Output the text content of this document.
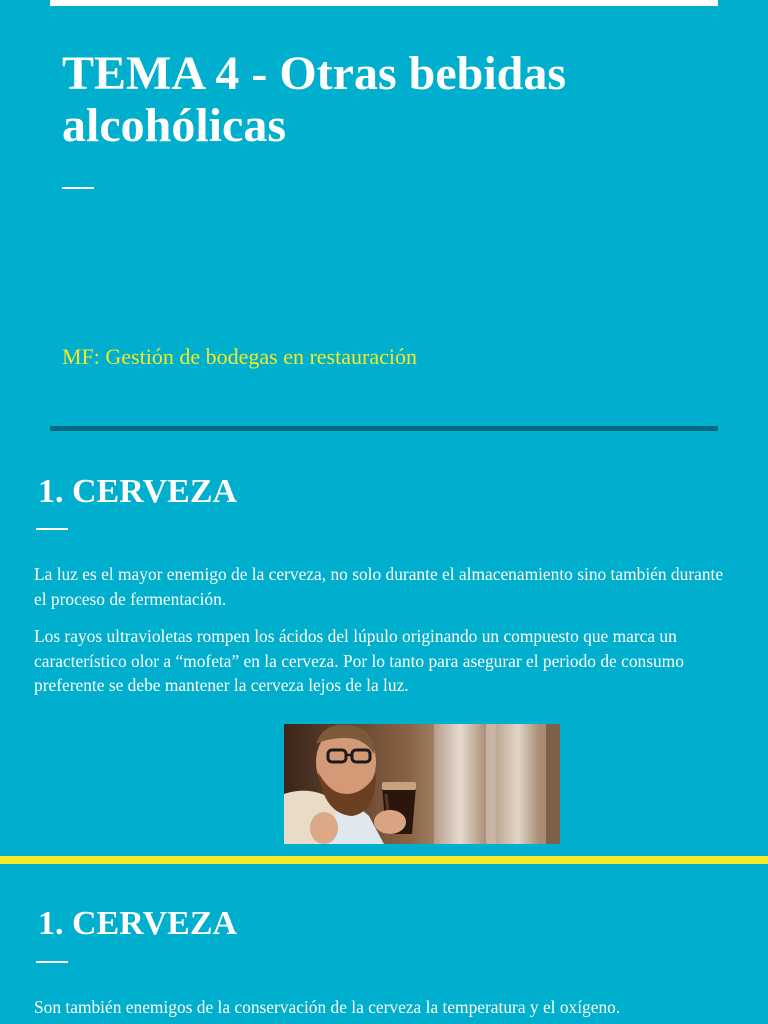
TEMA 4 - Otras bebidas
alcohólicas

MF: Gestión de bodegas en restauración

1. CERVEZA

La luz es el mayor enemigo de la cerveza, no solo durante el almacenamiento sino también durante el proceso de fermentación.

Los rayos ultravioletas rompen los ácidos del lúpulo originando un compuesto que marca un característico olor a “mofeta” en la cerveza. Por lo tanto para asegurar el periodo de consumo preferente se debe mantener la cerveza lejos de la luz.

1. CERVEZA

Son también enemigos de la conservación de la cerveza la temperatura y el oxígeno.
